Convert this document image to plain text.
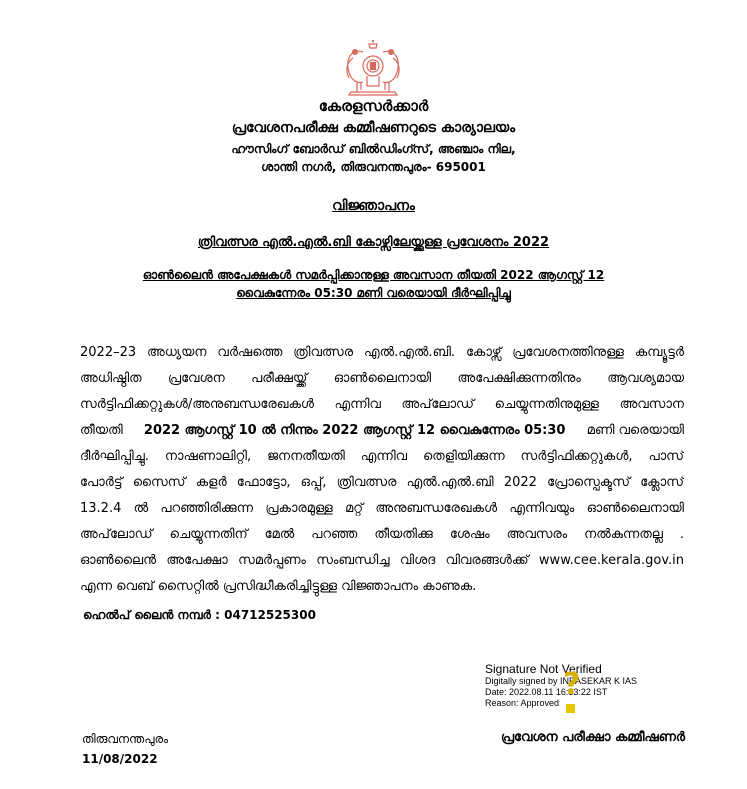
കേരളസർക്കാർ
പ്രവേശനപരീക്ഷ കമ്മീഷണറുടെ കാര്യാലയം
ഹൗസിംഗ് ബോർഡ് ബിൽഡിംഗ്സ്, അഞ്ചാം നില,
ശാന്തി നഗർ, തിരുവനന്തപുരം- 695001
വിജ്ഞാപനം
ത്രിവത്സര എൽ.എൽ.ബി കോഴ്സിലേയ്ക്കുള്ള പ്രവേശനം 2022
ഓൺലൈൻ അപേക്ഷകൾ സമർപ്പിക്കാനുള്ള അവസാന തീയതി 2022 ആഗസ്റ്റ് 12
വൈകുന്നേരം 05:30 മണി വരെയായി ദീർഘിപ്പിച്ചു
2022–23 അധ്യയന വർഷത്തെ ത്രിവത്സര എൽ.എൽ.ബി. കോഴ്സ് പ്രവേശനത്തിനുള്ള കമ്പ്യൂട്ടർ
അധിഷ്ഠിത പ്രവേശന പരീക്ഷയ്ക്ക് ഓൺലൈനായി അപേക്ഷിക്കുന്നതിനും ആവശ്യമായ
സർട്ടിഫിക്കറ്റുകൾ/അനുബന്ധരേഖകൾ എന്നിവ അപ്‌ലോഡ് ചെയ്യുന്നതിനുമുള്ള അവസാന
തീയതി 2022 ആഗസ്റ്റ് 10 ൽ നിന്നും 2022 ആഗസ്റ്റ് 12 വൈകുന്നേരം 05:30 മണി വരെയായി
ദീർഘിപ്പിച്ചു. നാഷണാലിറ്റി, ജനനതീയതി എന്നിവ തെളിയിക്കുന്ന സർട്ടിഫിക്കറ്റുകൾ, പാസ്
പോർട്ട് സൈസ് കളർ ഫോട്ടോ, ഒപ്പ്, ത്രിവത്സര എൽ.എൽ.ബി 2022 പ്രോസ്പെക്ടസ് ക്ലോസ്
13.2.4 ൽ പറഞ്ഞിരിക്കുന്ന പ്രകാരമുള്ള മറ്റ് അനുബന്ധരേഖകൾ എന്നിവയും ഓൺലൈനായി
അപ്‌ലോഡ് ചെയ്യുന്നതിന് മേൽ പറഞ്ഞ തീയതിക്കു ശേഷം അവസരം നൽകുന്നതല്ല .
ഓൺലൈൻ അപേക്ഷാ സമർപ്പണം സംബന്ധിച്ച വിശദ വിവരങ്ങൾക്ക് www.cee.kerala.gov.in
എന്ന വെബ് സൈറ്റിൽ പ്രസിദ്ധീകരിച്ചിട്ടുള്ള വിജ്ഞാപനം കാണുക.
ഹെൽപ് ലൈൻ നമ്പർ : 04712525300
Signature Not Verified
Digitally signed by INBASEKAR K IAS
Date: 2022.08.11 16:33:22 IST
Reason: Approved
?
തിരുവനന്തപുരം
11/08/2022
പ്രവേശന പരീക്ഷാ കമ്മീഷണർ
